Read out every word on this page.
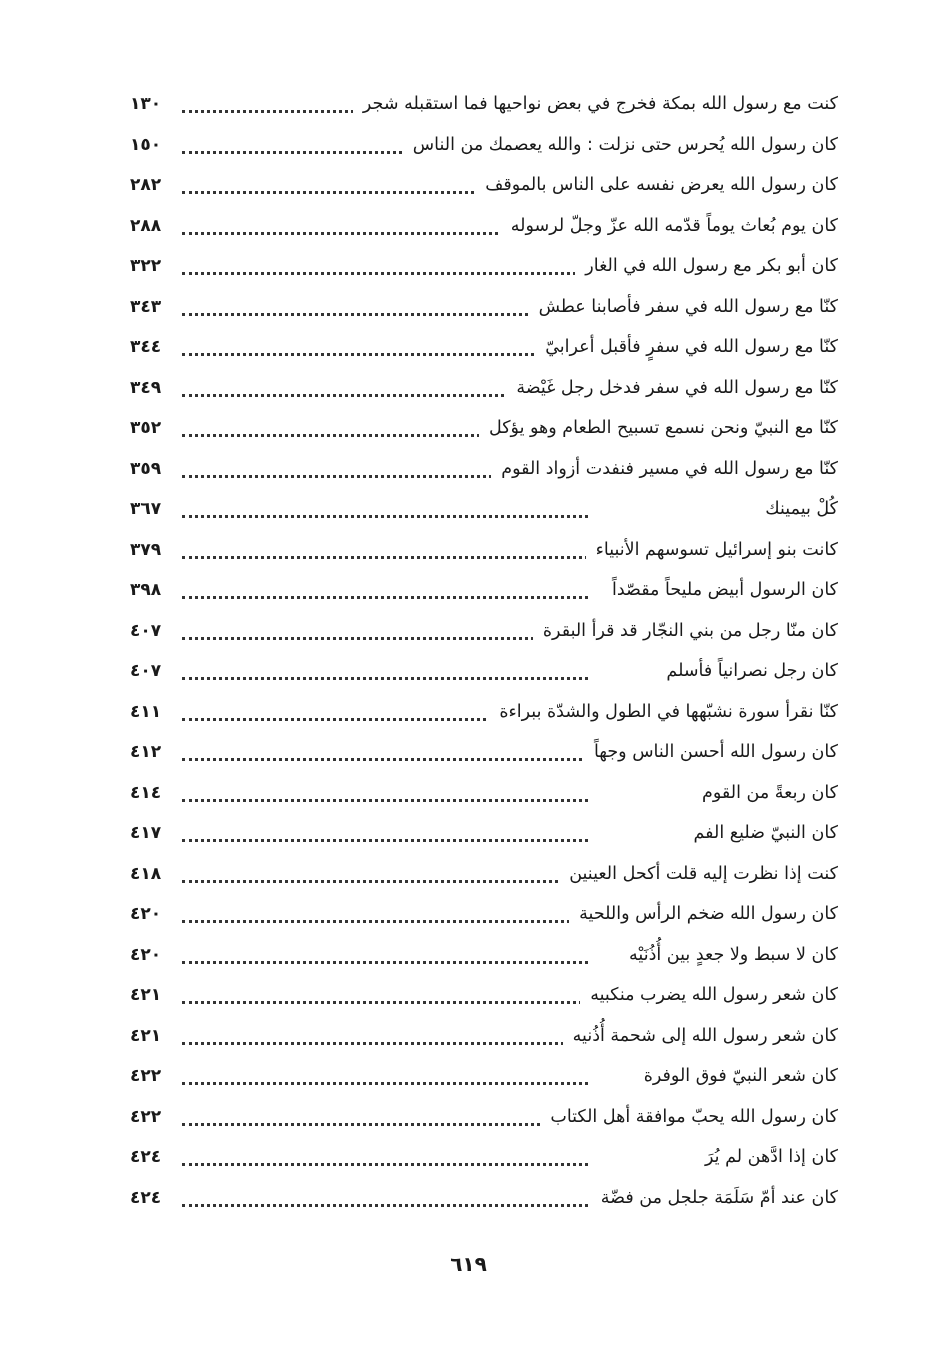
كنت مع رسول الله بمكة فخرج في بعض نواحيها فما استقبله شجر
١٣٠
كان رسول الله يُحرس حتى نزلت : والله يعصمك من الناس
١٥٠
كان رسول الله يعرض نفسه على الناس بالموقف
٢٨٢
كان يوم بُعاث يوماً قدّمه الله عزّ وجلّ لرسوله
٢٨٨
كان أبو بكر مع رسول الله في الغار
٣٢٢
كنّا مع رسول الله في سفر فأصابنا عطش
٣٤٣
كنّا مع رسول الله في سفرٍ فأقبل أعرابيّ
٣٤٤
كنّا مع رسول الله في سفر فدخل رجل غَيْضة
٣٤٩
كنّا مع النبيّ ونحن نسمع تسبيح الطعام وهو يؤكل
٣٥٢
كنّا مع رسول الله في مسير فنفدت أزواد القوم
٣٥٩
كُلْ بيمينك
٣٦٧
كانت بنو إسرائيل تسوسهم الأنبياء
٣٧٩
كان الرسول أبيض مليحاً مقصّداً
٣٩٨
كان منّا رجل من بني النجّار قد قرأ البقرة
٤٠٧
كان رجل نصرانياً فأسلم
٤٠٧
كنّا نقرأ سورة نشبّهها في الطول والشدّة ببراءة
٤١١
كان رسول الله أحسن الناس وجهاً
٤١٢
كان ربعةً من القوم
٤١٤
كان النبيّ ضليع الفم
٤١٧
كنت إذا نظرت إليه قلت أكحل العينين
٤١٨
كان رسول الله ضخم الرأس واللحية
٤٢٠
كان لا سبط ولا جعدٍ بين أُذُنَيْه
٤٢٠
كان شعر رسول الله يضرب منكبيه
٤٢١
كان شعر رسول الله إلى شحمة أُذُنيه
٤٢١
كان شعر النبيّ فوق الوفرة
٤٢٢
كان رسول الله يحبّ موافقة أهل الكتاب
٤٢٢
كان إذا ادَّهن لم يُرَ
٤٢٤
كان عند أمّ سَلَمَة جلجل من فضّة
٤٢٤
٦١٩
